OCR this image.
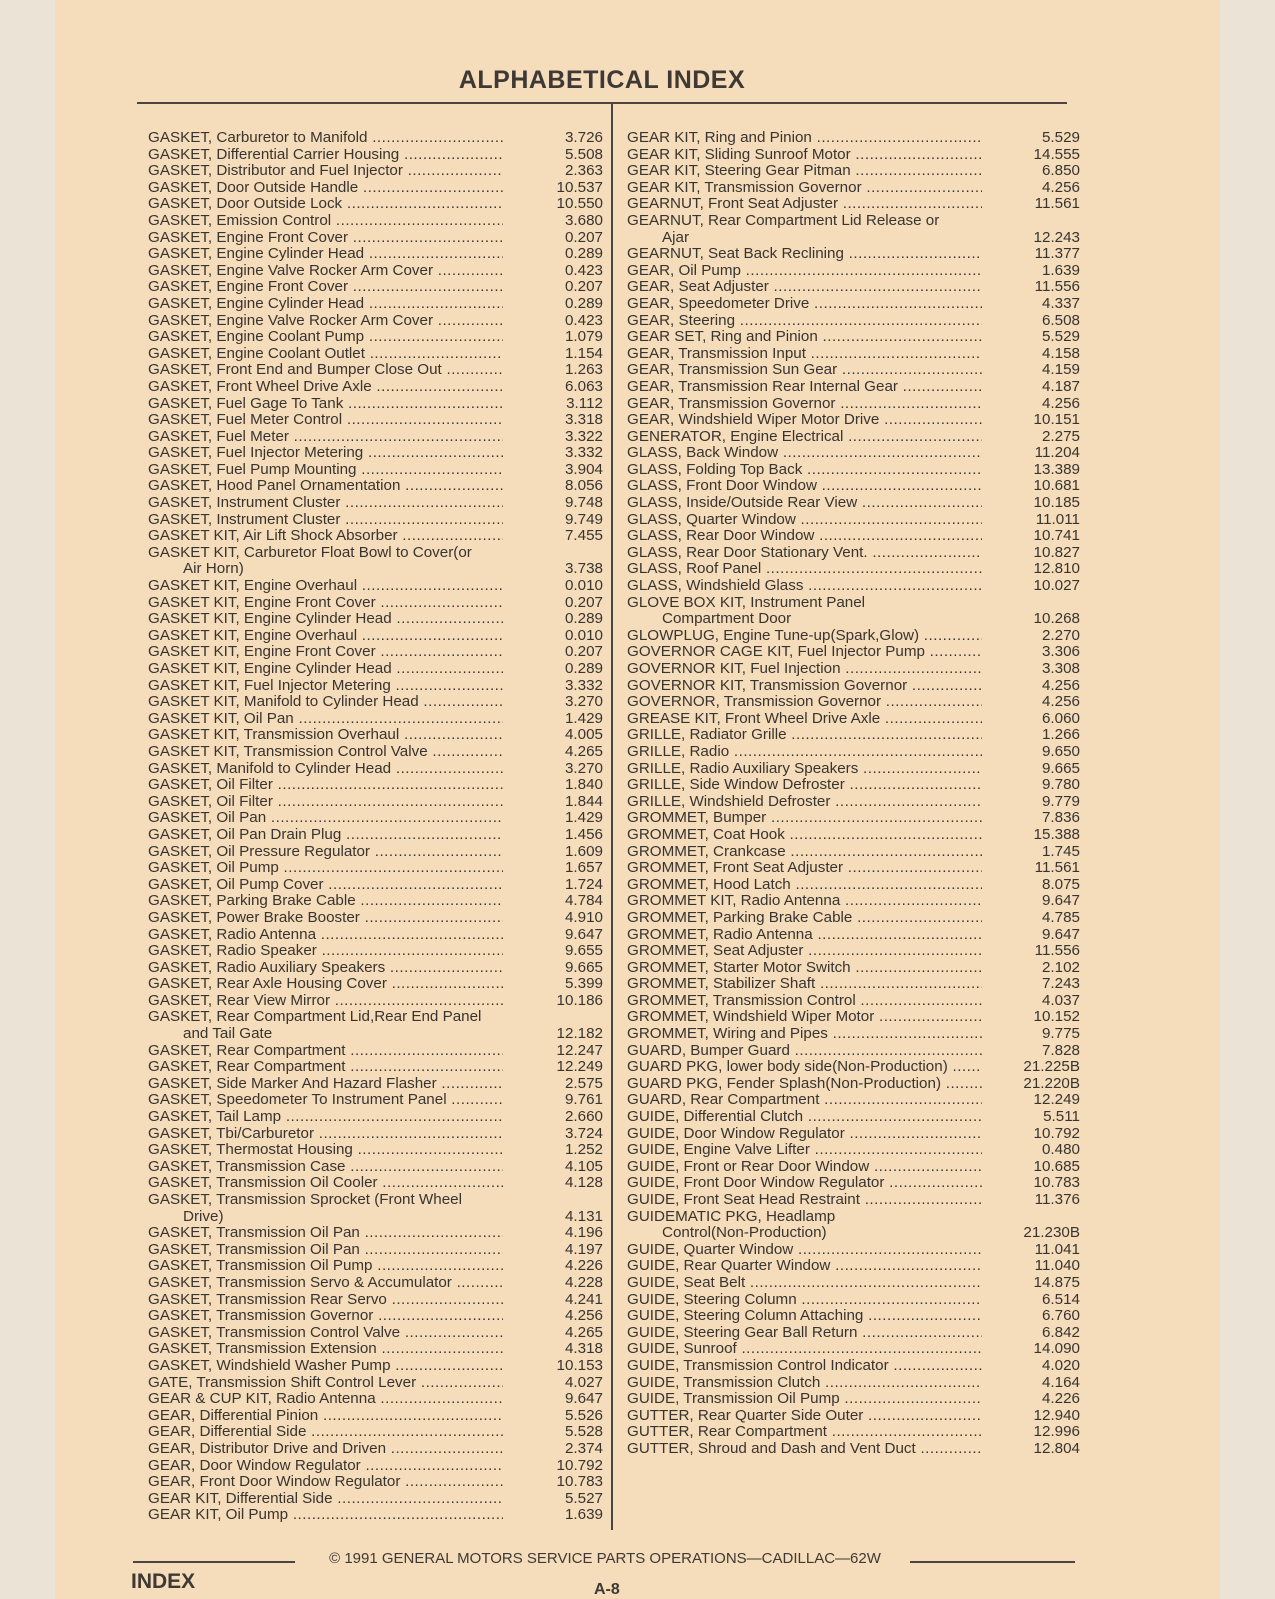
ALPHABETICAL INDEX
GASKET, Carburetor to Manifold .....	3.726
GASKET, Differential Carrier Housing .....	5.508
GASKET, Distributor and Fuel Injector .....	2.363
GASKET, Door Outside Handle .....	10.537
GASKET, Door Outside Lock .....	10.550
GASKET, Emission Control .....	3.680
GASKET, Engine Front Cover .....	0.207
GASKET, Engine Cylinder Head .....	0.289
GASKET, Engine Valve Rocker Arm Cover .....	0.423
GASKET, Engine Front Cover .....	0.207
GASKET, Engine Cylinder Head .....	0.289
GASKET, Engine Valve Rocker Arm Cover .....	0.423
GASKET, Engine Coolant Pump .....	1.079
GASKET, Engine Coolant Outlet .....	1.154
GASKET, Front End and Bumper Close Out .....	1.263
GASKET, Front Wheel Drive Axle .....	6.063
GASKET, Fuel Gage To Tank .....	3.112
GASKET, Fuel Meter Control .....	3.318
GASKET, Fuel Meter .....	3.322
GASKET, Fuel Injector Metering .....	3.332
GASKET, Fuel Pump Mounting .....	3.904
GASKET, Hood Panel Ornamentation .....	8.056
GASKET, Instrument Cluster .....	9.748
GASKET, Instrument Cluster .....	9.749
GASKET KIT, Air Lift Shock Absorber .....	7.455
GASKET KIT, Carburetor Float Bowl to Cover(or
Air Horn) .....	3.738
GASKET KIT, Engine Overhaul .....	0.010
GASKET KIT, Engine Front Cover .....	0.207
GASKET KIT, Engine Cylinder Head .....	0.289
GASKET KIT, Engine Overhaul .....	0.010
GASKET KIT, Engine Front Cover .....	0.207
GASKET KIT, Engine Cylinder Head .....	0.289
GASKET KIT, Fuel Injector Metering .....	3.332
GASKET KIT, Manifold to Cylinder Head .....	3.270
GASKET KIT, Oil Pan .....	1.429
GASKET KIT, Transmission Overhaul .....	4.005
GASKET KIT, Transmission Control Valve .....	4.265
GASKET, Manifold to Cylinder Head .....	3.270
GASKET, Oil Filter .....	1.840
GASKET, Oil Filter .....	1.844
GASKET, Oil Pan .....	1.429
GASKET, Oil Pan Drain Plug .....	1.456
GASKET, Oil Pressure Regulator .....	1.609
GASKET, Oil Pump .....	1.657
GASKET, Oil Pump Cover .....	1.724
GASKET, Parking Brake Cable .....	4.784
GASKET, Power Brake Booster .....	4.910
GASKET, Radio Antenna .....	9.647
GASKET, Radio Speaker .....	9.655
GASKET, Radio Auxiliary Speakers .....	9.665
GASKET, Rear Axle Housing Cover .....	5.399
GASKET, Rear View Mirror .....	10.186
GASKET, Rear Compartment Lid,Rear End Panel
and Tail Gate .....	12.182
GASKET, Rear Compartment .....	12.247
GASKET, Rear Compartment .....	12.249
GASKET, Side Marker And Hazard Flasher .....	2.575
GASKET, Speedometer To Instrument Panel .....	9.761
GASKET, Tail Lamp .....	2.660
GASKET, Tbi/Carburetor .....	3.724
GASKET, Thermostat Housing .....	1.252
GASKET, Transmission Case .....	4.105
GASKET, Transmission Oil Cooler .....	4.128
GASKET, Transmission Sprocket (Front Wheel
Drive) .....	4.131
GASKET, Transmission Oil Pan .....	4.196
GASKET, Transmission Oil Pan .....	4.197
GASKET, Transmission Oil Pump .....	4.226
GASKET, Transmission Servo & Accumulator .....	4.228
GASKET, Transmission Rear Servo .....	4.241
GASKET, Transmission Governor .....	4.256
GASKET, Transmission Control Valve .....	4.265
GASKET, Transmission Extension .....	4.318
GASKET, Windshield Washer Pump .....	10.153
GATE, Transmission Shift Control Lever .....	4.027
GEAR & CUP KIT, Radio Antenna .....	9.647
GEAR, Differential Pinion .....	5.526
GEAR, Differential Side .....	5.528
GEAR, Distributor Drive and Driven .....	2.374
GEAR, Door Window Regulator .....	10.792
GEAR, Front Door Window Regulator .....	10.783
GEAR KIT, Differential Side .....	5.527
GEAR KIT, Oil Pump .....	1.639
GEAR KIT, Ring and Pinion .....	5.529
GEAR KIT, Sliding Sunroof Motor .....	14.555
GEAR KIT, Steering Gear Pitman .....	6.850
GEAR KIT, Transmission Governor .....	4.256
GEARNUT, Front Seat Adjuster .....	11.561
GEARNUT, Rear Compartment Lid Release or
Ajar .....	12.243
GEARNUT, Seat Back Reclining .....	11.377
GEAR, Oil Pump .....	1.639
GEAR, Seat Adjuster .....	11.556
GEAR, Speedometer Drive .....	4.337
GEAR, Steering .....	6.508
GEAR SET, Ring and Pinion .....	5.529
GEAR, Transmission Input .....	4.158
GEAR, Transmission Sun Gear .....	4.159
GEAR, Transmission Rear Internal Gear .....	4.187
GEAR, Transmission Governor .....	4.256
GEAR, Windshield Wiper Motor Drive .....	10.151
GENERATOR, Engine Electrical .....	2.275
GLASS, Back Window .....	11.204
GLASS, Folding Top Back .....	13.389
GLASS, Front Door Window .....	10.681
GLASS, Inside/Outside Rear View .....	10.185
GLASS, Quarter Window .....	11.011
GLASS, Rear Door Window .....	10.741
GLASS, Rear Door Stationary Vent. .....	10.827
GLASS, Roof Panel .....	12.810
GLASS, Windshield Glass .....	10.027
GLOVE BOX KIT, Instrument Panel
Compartment Door .....	10.268
GLOWPLUG, Engine Tune-up(Spark,Glow) .....	2.270
GOVERNOR CAGE KIT, Fuel Injector Pump .....	3.306
GOVERNOR KIT, Fuel Injection .....	3.308
GOVERNOR KIT, Transmission Governor .....	4.256
GOVERNOR, Transmission Governor .....	4.256
GREASE KIT, Front Wheel Drive Axle .....	6.060
GRILLE, Radiator Grille .....	1.266
GRILLE, Radio .....	9.650
GRILLE, Radio Auxiliary Speakers .....	9.665
GRILLE, Side Window Defroster .....	9.780
GRILLE, Windshield Defroster .....	9.779
GROMMET, Bumper .....	7.836
GROMMET, Coat Hook .....	15.388
GROMMET, Crankcase .....	1.745
GROMMET, Front Seat Adjuster .....	11.561
GROMMET, Hood Latch .....	8.075
GROMMET KIT, Radio Antenna .....	9.647
GROMMET, Parking Brake Cable .....	4.785
GROMMET, Radio Antenna .....	9.647
GROMMET, Seat Adjuster .....	11.556
GROMMET, Starter Motor Switch .....	2.102
GROMMET, Stabilizer Shaft .....	7.243
GROMMET, Transmission Control .....	4.037
GROMMET, Windshield Wiper Motor .....	10.152
GROMMET, Wiring and Pipes .....	9.775
GUARD, Bumper Guard .....	7.828
GUARD PKG, lower body side(Non-Production) .....	21.225B
GUARD PKG, Fender Splash(Non-Production) .....	21.220B
GUARD, Rear Compartment .....	12.249
GUIDE, Differential Clutch .....	5.511
GUIDE, Door Window Regulator .....	10.792
GUIDE, Engine Valve Lifter .....	0.480
GUIDE, Front or Rear Door Window .....	10.685
GUIDE, Front Door Window Regulator .....	10.783
GUIDE, Front Seat Head Restraint .....	11.376
GUIDEMATIC PKG, Headlamp
Control(Non-Production) .....	21.230B
GUIDE, Quarter Window .....	11.041
GUIDE, Rear Quarter Window .....	11.040
GUIDE, Seat Belt .....	14.875
GUIDE, Steering Column .....	6.514
GUIDE, Steering Column Attaching .....	6.760
GUIDE, Steering Gear Ball Return .....	6.842
GUIDE, Sunroof .....	14.090
GUIDE, Transmission Control Indicator .....	4.020
GUIDE, Transmission Clutch .....	4.164
GUIDE, Transmission Oil Pump .....	4.226
GUTTER, Rear Quarter Side Outer .....	12.940
GUTTER, Rear Compartment .....	12.996
GUTTER, Shroud and Dash and Vent Duct .....	12.804
© 1991 GENERAL MOTORS SERVICE PARTS OPERATIONS—CADILLAC—62W
INDEX	A-8
